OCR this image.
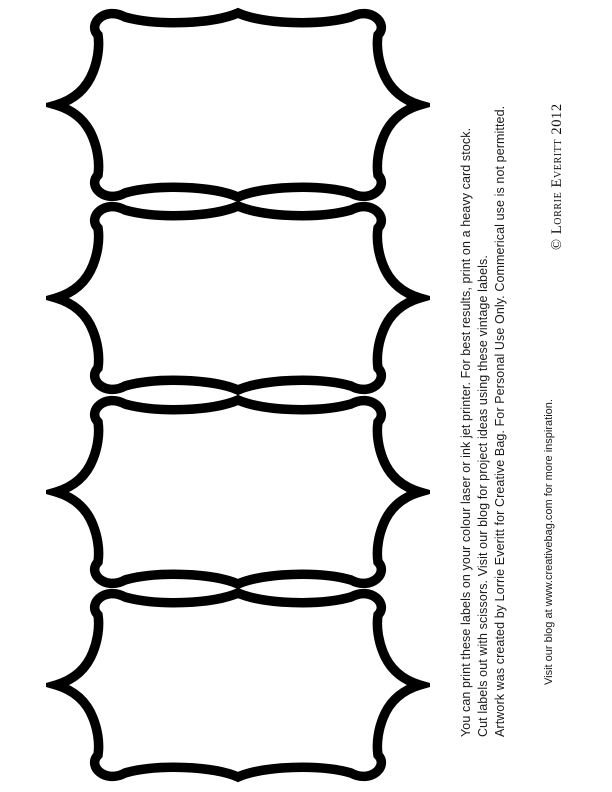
You can print these labels on your colour laser or ink jet printer. For best results, print on a heavy card stock. Cut labels out with scissors. Visit our blog for project ideas using these vintage labels. Artwork was created by Lorrie Everitt for Creative Bag. For Personal Use Only. Commerical use is not permitted.	Visit our blog at www.creativebag.com for more inspiration.
© Lorrie Everitt 2012
